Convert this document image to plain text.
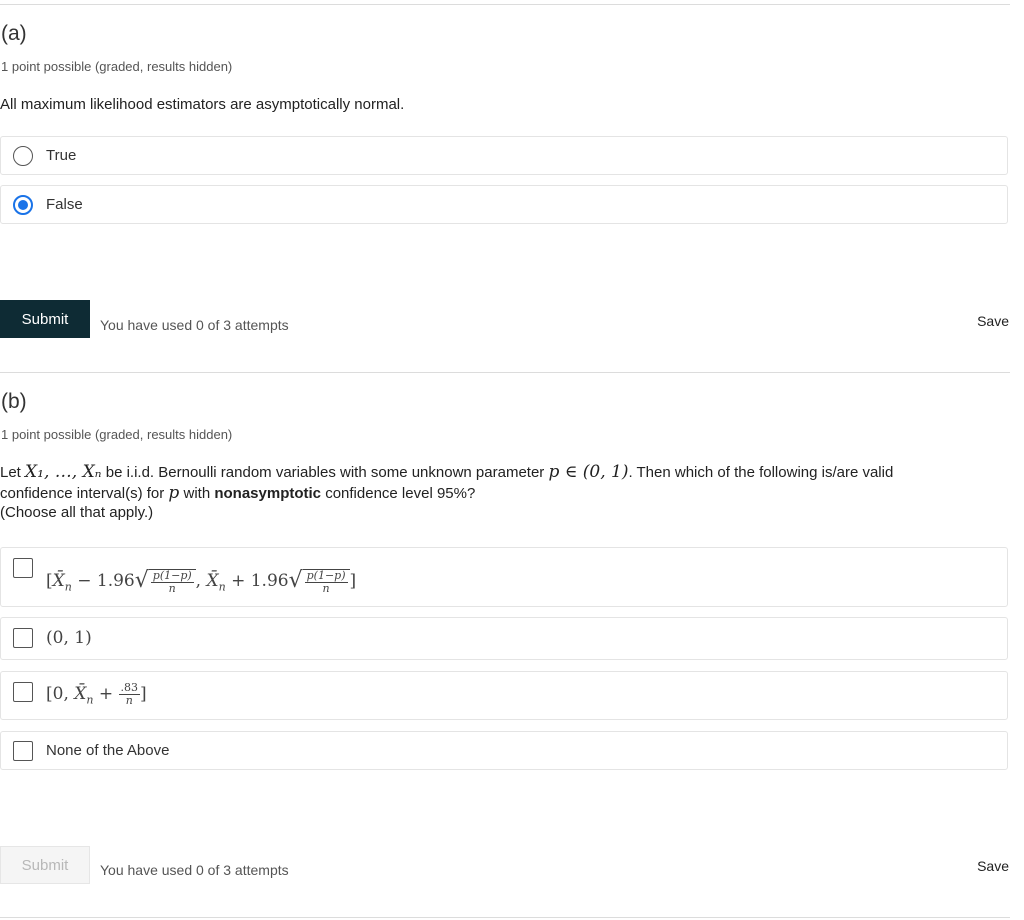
(a)
1 point possible (graded, results hidden)
All maximum likelihood estimators are asymptotically normal.
True
False
Submit	You have used 0 of 3 attempts	Save
(b)
1 point possible (graded, results hidden)
Let X₁, …, Xₙ be i.i.d. Bernoulli random variables with some unknown parameter p ∈ (0, 1). Then which of the following is/are valid
confidence interval(s) for p with nonasymptotic confidence level 95%?
(Choose all that apply.)
[$X̄_n - 1.96√ \frac{p(1-p)}{n}$ , $X̄_n + 1.96√ \frac{p(1-p)}{n}$ ]
(0, 1)
[0, $X̄_n + \frac{.83}{n}$ ]
None of the Above
Submit	You have used 0 of 3 attempts	Save
